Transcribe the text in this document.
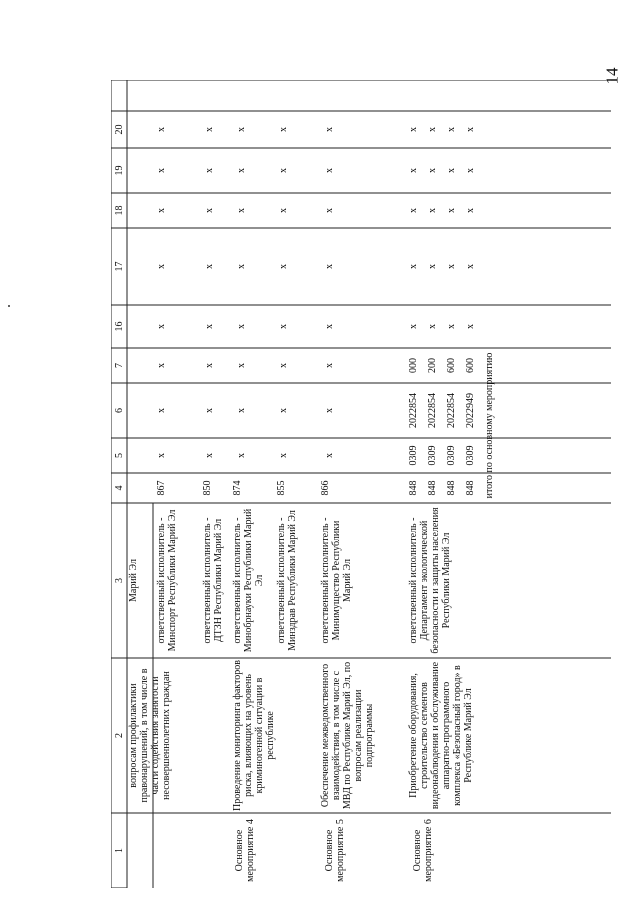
14
1
2
3
4
5
6
7
16
17
18
19
20
вопросам профилактики правонарушений, в том числе в части содействия занятости несовершеннолетних граждан
Марий Эл	ответственный исполнитель - Минспорт Республики Марий Эл
867
х
х
х
х
х
х
х
х
ответственный исполнитель - ДТЗН Республики Марий Эл
850
х
х
х
х
х
х
х
х
Основное мероприятие 4
Проведение мониторинга факторов риска, влияющих на уровень криминогенной ситуации в республике
ответственный исполнитель - Минобрнауки Республики Марий Эл
874
х
х
х
х
х
х
х
х
ответственный исполнитель - Минздрав Республики Марий Эл
855
х
х
х
х
х
х
х
х
Основное мероприятие 5
Обеспечение межведомственного взаимодействия, в том числе с МВД по Республике Марий Эл, по вопросам реализации подпрограммы
ответственный исполнитель - Минимущество Республики Марий Эл
866
х
х
х
х
х
х
х
х
Основное мероприятие 6
Приобретение оборудования, строительство сегментов видеонаблюдения и обслуживание аппаратно-программного комплекса «Безопасный город» в Республике Марий Эл
ответственный исполнитель - Департамент экологической безопасности и защиты населения Республики Марий Эл
848
0309
2022854
000
х
х
х
х
х
848
0309
2022854
200
х
х
х
х
х
848
0309
2022854
600
х
х
х
х
х
848
0309
2022949
600
х
х
х
х
х
итого по основному мероприятию
